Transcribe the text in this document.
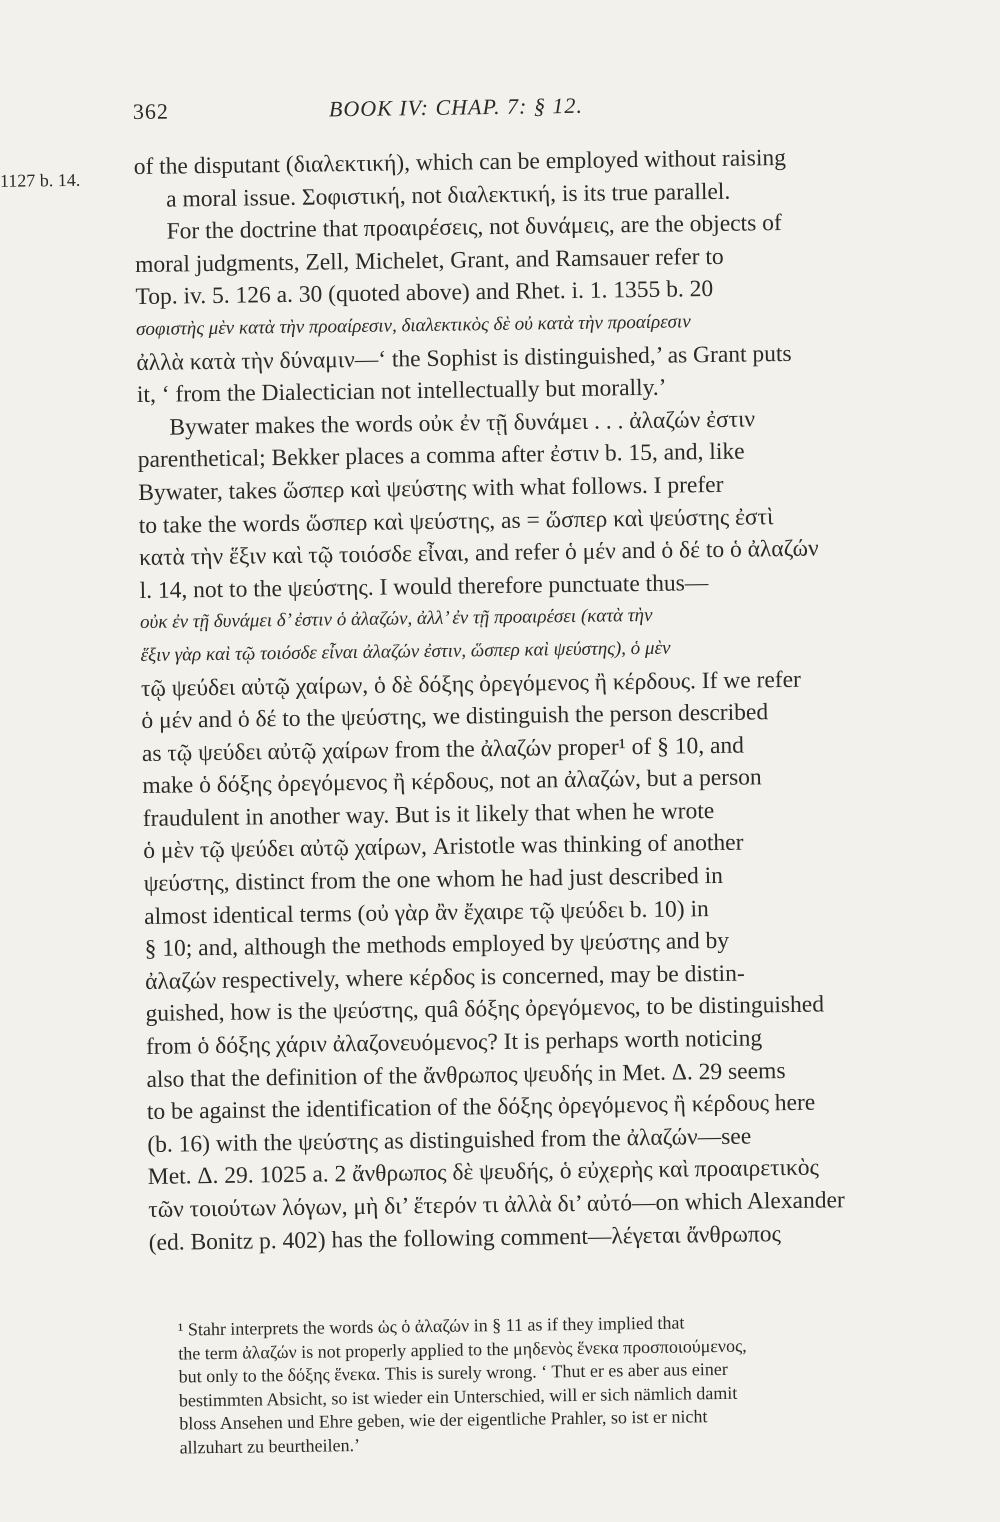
362	BOOK IV: CHAP. 7: § 12.
1127 b. 14.
of the disputant (διαλεκτική), which can be employed without raising
a moral issue. Σοφιστική, not διαλεκτική, is its true parallel.
For the doctrine that προαιρέσεις, not δυνάμεις, are the objects of
moral judgments, Zell, Michelet, Grant, and Ramsauer refer to
Top. iv. 5. 126 a. 30 (quoted above) and Rhet. i. 1. 1355 b. 20
σοφιστὴς μὲν κατὰ τὴν προαίρεσιν, διαλεκτικὸς δὲ οὐ κατὰ τὴν προαίρεσιν
ἀλλὰ κατὰ τὴν δύναμιν—‘ the Sophist is distinguished,’ as Grant puts
it, ‘ from the Dialectician not intellectually but morally.’
Bywater makes the words οὐκ ἐν τῇ δυνάμει . . . ἀλαζών ἐστιν
parenthetical; Bekker places a comma after ἐστιν b. 15, and, like
Bywater, takes ὥσπερ καὶ ψεύστης with what follows. I prefer
to take the words ὥσπερ καὶ ψεύστης, as = ὥσπερ καὶ ψεύστης ἐστὶ
κατὰ τὴν ἕξιν καὶ τῷ τοιόσδε εἶναι, and refer ὁ μέν and ὁ δέ to ὁ ἀλαζών
l. 14, not to the ψεύστης. I would therefore punctuate thus—
οὐκ ἐν τῇ δυνάμει δ’ ἐστιν ὁ ἀλαζών, ἀλλ’ ἐν τῇ προαιρέσει (κατὰ τὴν
ἕξιν γὰρ καὶ τῷ τοιόσδε εἶναι ἀλαζών ἐστιν, ὥσπερ καὶ ψεύστης), ὁ μὲν
τῷ ψεύδει αὐτῷ χαίρων, ὁ δὲ δόξης ὀρεγόμενος ἢ κέρδους. If we refer
ὁ μέν and ὁ δέ to the ψεύστης, we distinguish the person described
as τῷ ψεύδει αὐτῷ χαίρων from the ἀλαζών proper¹ of § 10, and
make ὁ δόξης ὀρεγόμενος ἢ κέρδους, not an ἀλαζών, but a person
fraudulent in another way. But is it likely that when he wrote
ὁ μὲν τῷ ψεύδει αὐτῷ χαίρων, Aristotle was thinking of another
ψεύστης, distinct from the one whom he had just described in
almost identical terms (οὐ γὰρ ἂν ἔχαιρε τῷ ψεύδει b. 10) in
§ 10; and, although the methods employed by ψεύστης and by
ἀλαζών respectively, where κέρδος is concerned, may be distin-
guished, how is the ψεύστης, quâ δόξης ὀρεγόμενος, to be distinguished
from ὁ δόξης χάριν ἀλαζονευόμενος? It is perhaps worth noticing
also that the definition of the ἄνθρωπος ψευδής in Met. Δ. 29 seems
to be against the identification of the δόξης ὀρεγόμενος ἢ κέρδους here
(b. 16) with the ψεύστης as distinguished from the ἀλαζών—see
Met. Δ. 29. 1025 a. 2 ἄνθρωπος δὲ ψευδής, ὁ εὐχερὴς καὶ προαιρετικὸς
τῶν τοιούτων λόγων, μὴ δι’ ἕτερόν τι ἀλλὰ δι’ αὐτό—on which Alexander
(ed. Bonitz p. 402) has the following comment—λέγεται ἄνθρωπος
¹ Stahr interprets the words ὡς ὁ ἀλαζών in § 11 as if they implied that
the term ἀλαζών is not properly applied to the μηδενὸς ἕνεκα προσποιούμενος,
but only to the δόξης ἕνεκα. This is surely wrong. ‘ Thut er es aber aus einer
bestimmten Absicht, so ist wieder ein Unterschied, will er sich nämlich damit
bloss Ansehen und Ehre geben, wie der eigentliche Prahler, so ist er nicht
allzuhart zu beurtheilen.’
